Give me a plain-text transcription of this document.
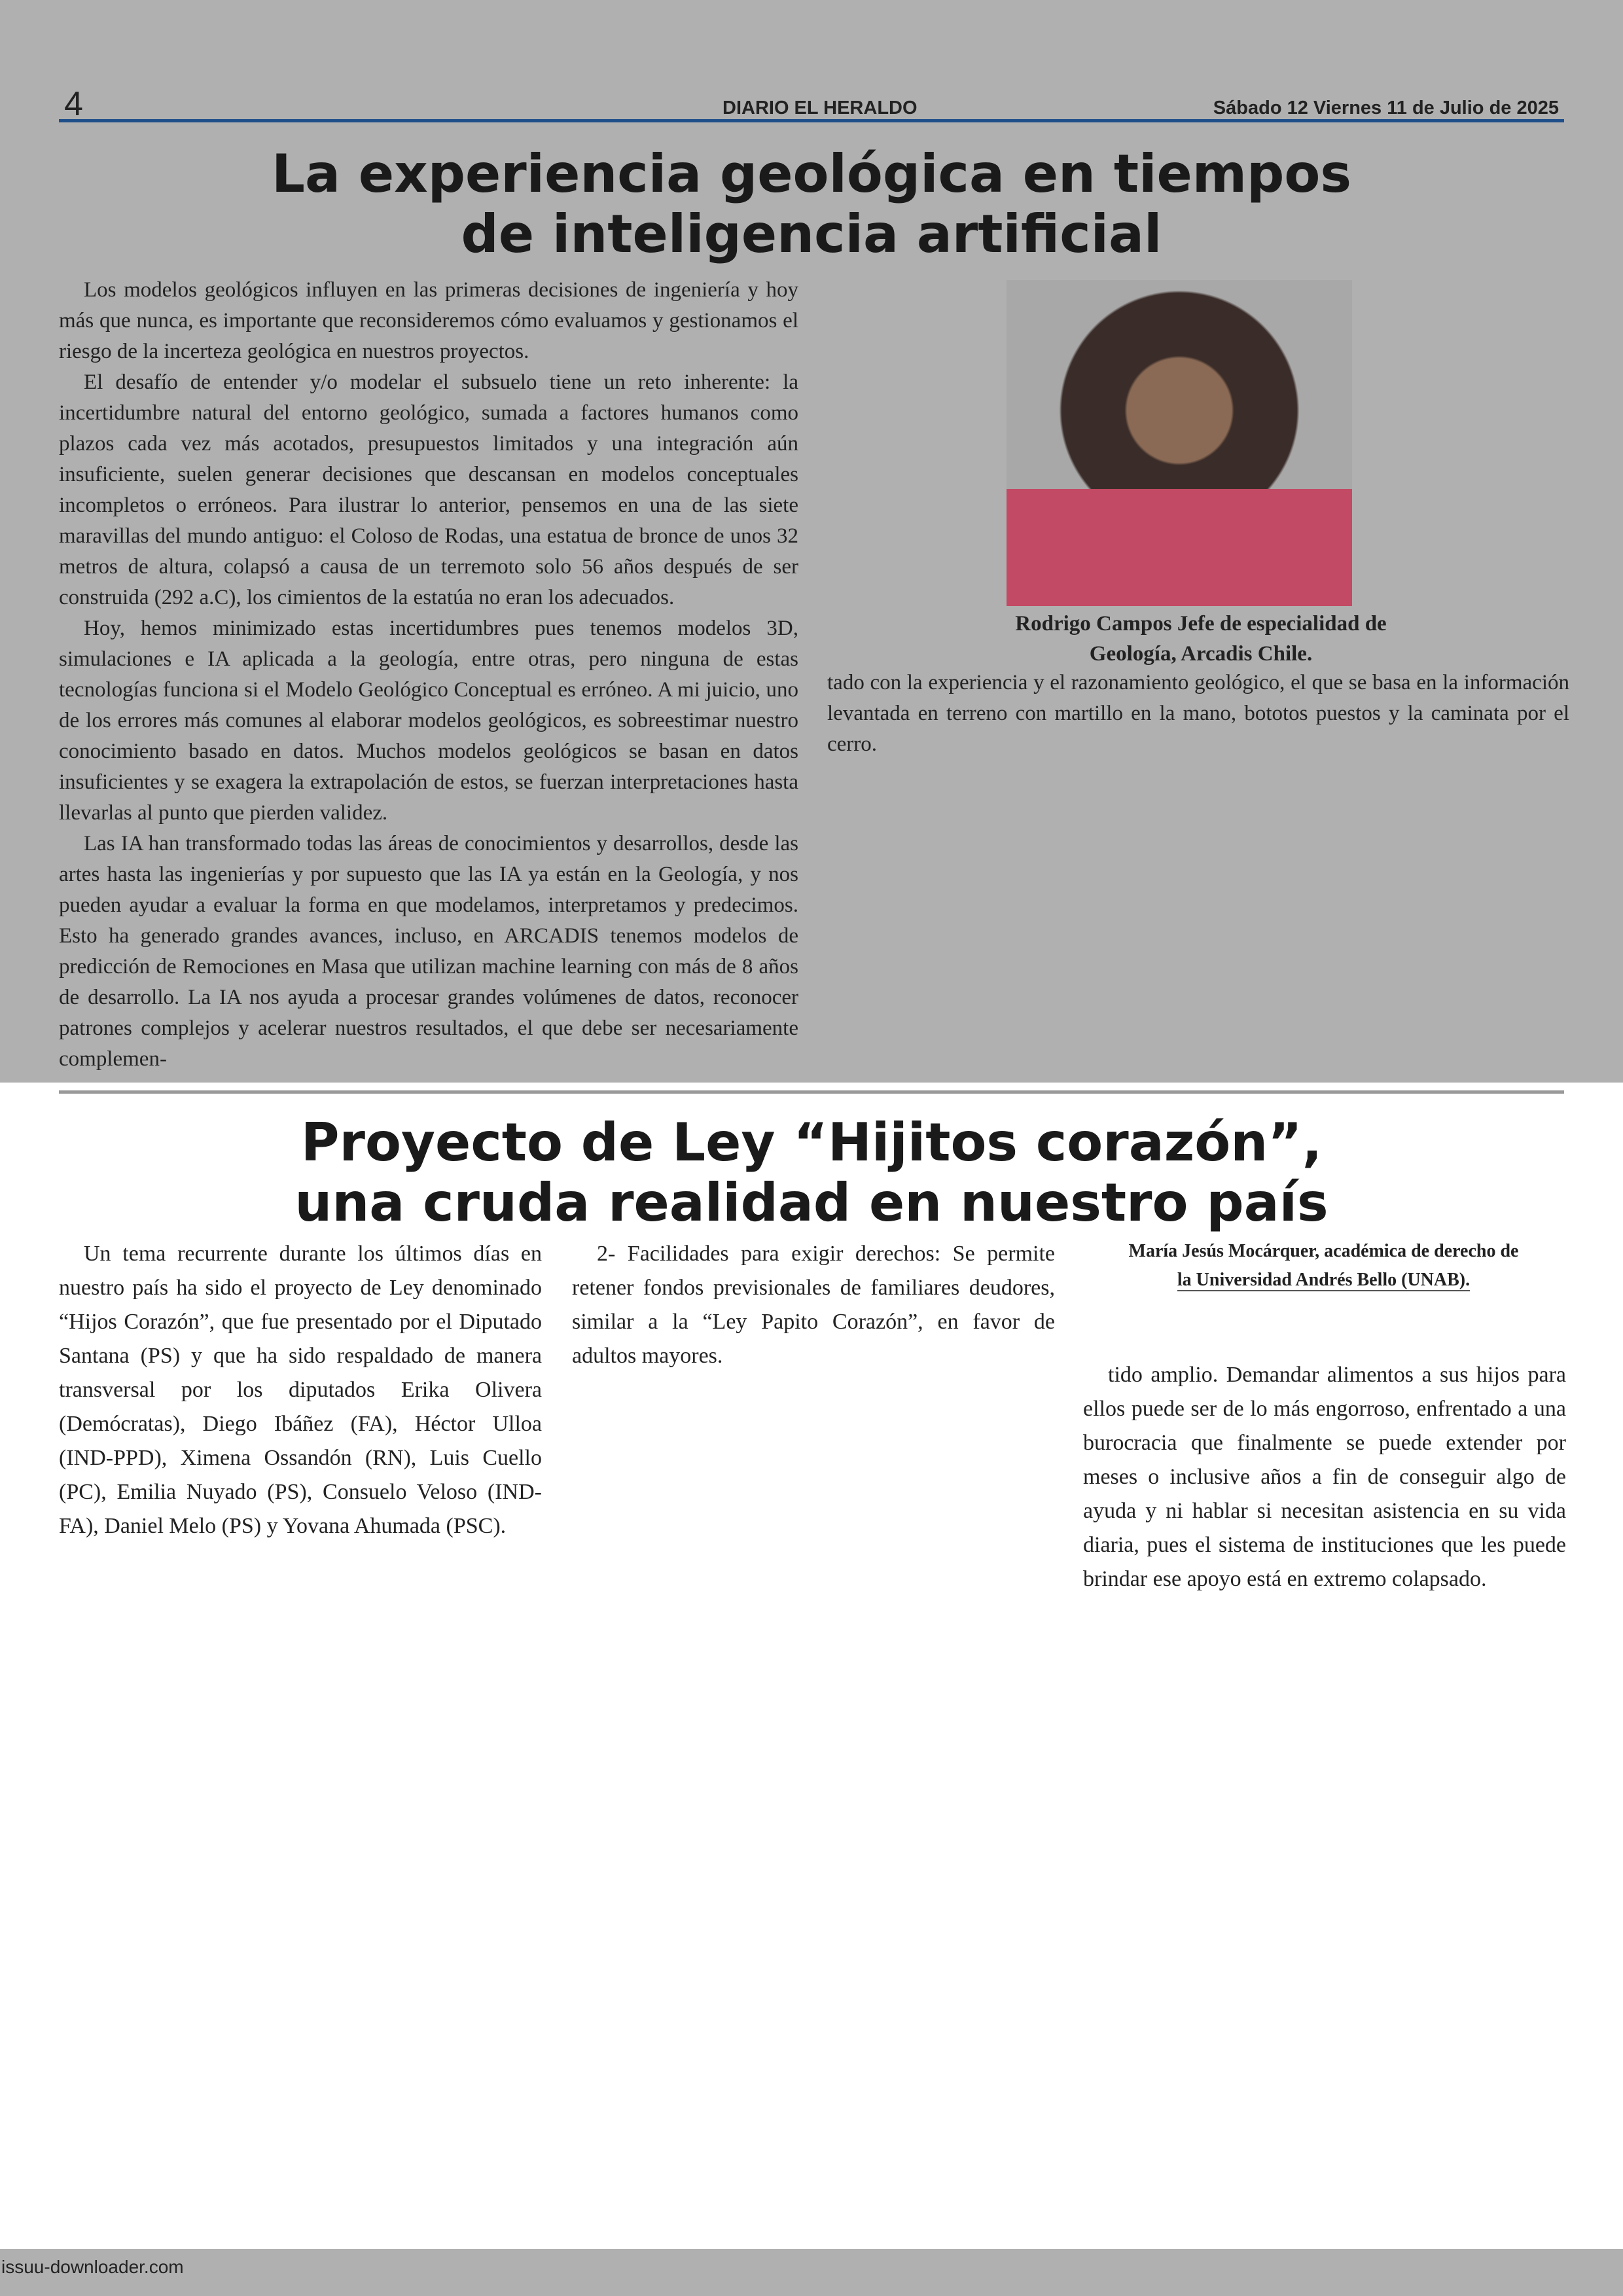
4	DIARIO EL HERALDO	Sábado 12 Viernes 11 de Julio de 2025
La experiencia geológica en tiempos
de inteligencia artificial

Los modelos geológicos influyen en las primeras decisiones de ingeniería y hoy más que nunca, es importante que reconsideremos cómo evaluamos y gestionamos el riesgo de la incerteza geológica en nuestros proyectos.

El desafío de entender y/o modelar el subsuelo tiene un reto inherente: la incertidumbre natural del entorno geológico, sumada a factores humanos como plazos cada vez más acotados, presupuestos limitados y una integración aún insuficiente, suelen generar decisiones que descansan en modelos conceptuales incompletos o erróneos. Para ilustrar lo anterior, pensemos en una de las siete maravillas del mundo antiguo: el Coloso de Rodas, una estatua de bronce de unos 32 metros de altura, colapsó a causa de un terremoto solo 56 años después de ser construida (292 a.C), los cimientos de la estatúa no eran los adecuados.

Hoy, hemos minimizado estas incertidumbres pues tenemos modelos 3D, simulaciones e IA aplicada a la geología, entre otras, pero ninguna de estas tecnologías funciona si el Modelo Geológico Conceptual es erróneo. A mi juicio, uno de los errores más comunes al elaborar modelos geológicos, es sobreestimar nuestro conocimiento basado en datos. Muchos modelos geológicos se basan en datos insuficientes y se exagera la extrapolación de estos, se fuerzan interpretaciones hasta llevarlas al punto que pierden validez.

Las IA han transformado todas las áreas de conocimientos y desarrollos, desde las artes hasta las ingenierías y por supuesto que las IA ya están en la Geología, y nos pueden ayudar a evaluar la forma en que modelamos, interpretamos y predecimos. Esto ha generado grandes avances, incluso, en ARCADIS tenemos modelos de predicción de Remociones en Masa que utilizan machine learning con más de 8 años de desarrollo. La IA nos ayuda a procesar grandes volúmenes de datos, reconocer patrones complejos y acelerar nuestros resultados, el que debe ser necesariamente complemen-

Rodrigo Campos Jefe de especialidad de
Geología, Arcadis Chile.

tado con la experiencia y el razonamiento geológico, el que se basa en la información levantada en terreno con martillo en la mano, bototos puestos y la caminata por el cerro.

Proyecto de Ley “Hijitos corazón”,
una cruda realidad en nuestro país
María Jesús Mocárquer, académica de derecho de
la Universidad Andrés Bello (UNAB).

Un tema recurrente durante los últimos días en nuestro país ha sido el proyecto de Ley denominado “Hijos Corazón”, que fue presentado por el Diputado Santana (PS) y que ha sido respaldado de manera transversal por los diputados Erika Olivera (Demócratas), Diego Ibáñez (FA), Héctor Ulloa (IND-PPD), Ximena Ossandón (RN), Luis Cuello (PC), Emilia Nuyado (PS), Consuelo Veloso (IND-FA), Daniel Melo (PS) y Yovana Ahumada (PSC).

2- Facilidades para exigir derechos: Se permite retener fondos previsionales de familiares deudores, similar a la “Ley Papito Corazón”, en favor de adultos mayores.

tido amplio. Demandar alimentos a sus hijos para ellos puede ser de lo más engorroso, enfrentado a una burocracia que finalmente se puede extender por meses o inclusive años a fin de conseguir algo de ayuda y ni hablar si necesitan asistencia en su vida diaria, pues el sistema de instituciones que les puede brindar ese apoyo está en extremo colapsado.

issuu-downloader.com
